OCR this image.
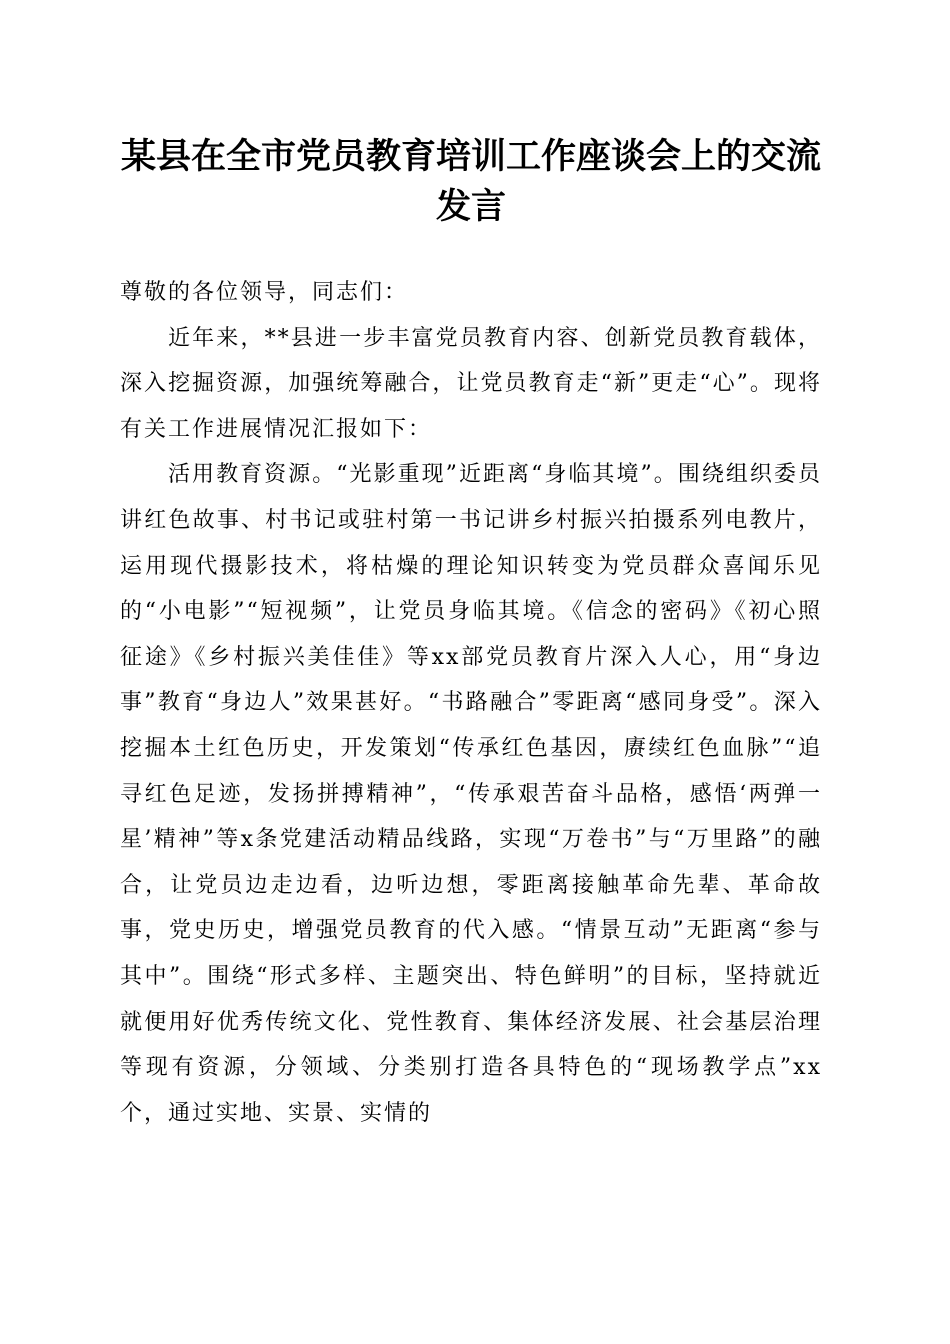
某县在全市党员教育培训工作座谈会上的交流发言

尊敬的各位领导，同志们：

近年来，**县进一步丰富党员教育内容、创新党员教育载体，深入挖掘资源，加强统筹融合，让党员教育走“新”更走“心”。现将有关工作进展情况汇报如下：

活用教育资源。“光影重现”近距离“身临其境”。围绕组织委员讲红色故事、村书记或驻村第一书记讲乡村振兴拍摄系列电教片，运用现代摄影技术，将枯燥的理论知识转变为党员群众喜闻乐见的“小电影”“短视频”，让党员身临其境。《信念的密码》《初心照征途》《乡村振兴美佳佳》等xx部党员教育片深入人心，用“身边事”教育“身边人”效果甚好。“书路融合”零距离“感同身受”。深入挖掘本土红色历史，开发策划“传承红色基因，赓续红色血脉”“追寻红色足迹，发扬拼搏精神”，“传承艰苦奋斗品格，感悟‘两弹一星’精神”等x条党建活动精品线路，实现“万卷书”与“万里路”的融合，让党员边走边看，边听边想，零距离接触革命先辈、革命故事，党史历史，增强党员教育的代入感。“情景互动”无距离“参与其中”。围绕“形式多样、主题突出、特色鲜明”的目标，坚持就近就便用好优秀传统文化、党性教育、集体经济发展、社会基层治理等现有资源，分领域、分类别打造各具特色的“现场教学点”xx个，通过实地、实景、实情的
